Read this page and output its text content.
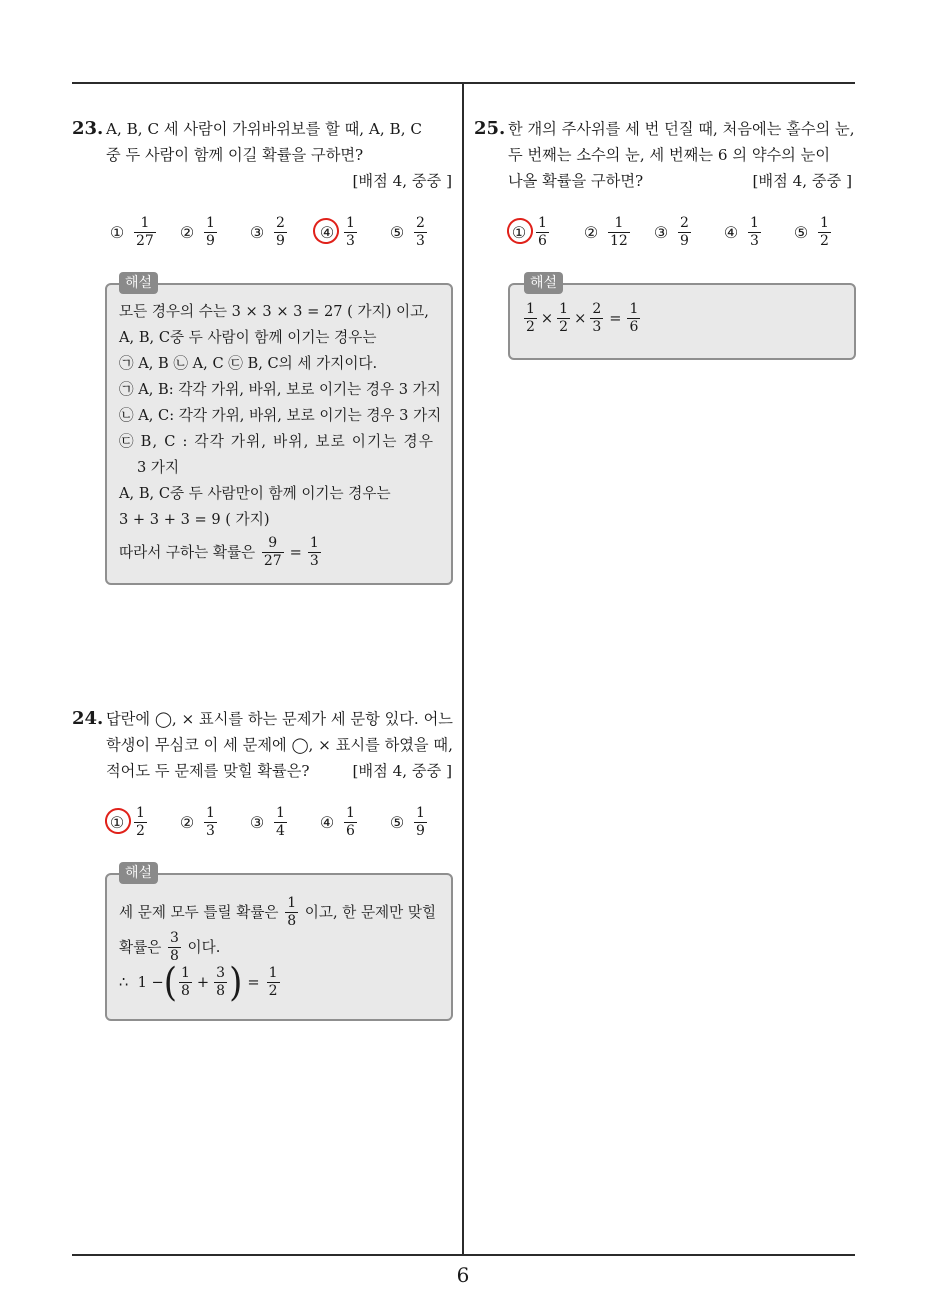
23. A, B, C 세 사람이 가위바위보를 할 때, A, B, C
중 두 사람이 함께 이길 확률을 구하면?
[배점 4, 중중 ]
① $\frac{1}{27}$ ② $\frac{1}{9}$ ③ $\frac{2}{9}$ ④ $\frac{1}{3}$ ⑤ $\frac{2}{3}$
모든 경우의 수는 3 × 3 × 3 = 27 ( 가지) 이고,
A, B, C중 두 사람이 함께 이기는 경우는
㉠ A, B ㉡ A, C ㉢ B, C의 세 가지이다.
㉠ A, B: 각각 가위, 바위, 보로 이기는 경우 3 가지
㉡ A, C: 각각 가위, 바위, 보로 이기는 경우 3 가지
㉢ B, C : 각각 가위, 바위, 보로 이기는 경우
3 가지
A, B, C중 두 사람만이 함께 이기는 경우는
3 + 3 + 3 = 9 ( 가지)
따라서 구하는 확률은
$\frac{9}{27} = \frac{1}{3}$
해설
24. 답란에 ◯, × 표시를 하는 문제가 세 문항 있다. 어느
학생이 무심코 이 세 문제에 ◯, × 표시를 하였을 때,
적어도 두 문제를 맞힐 확률은?	[배점 4, 중중 ]
① $\frac{1}{2}$ ② $\frac{1}{3}$ ③ $\frac{1}{4}$ ④ $\frac{1}{6}$ ⑤ $\frac{1}{9}$
세 문제 모두 틀릴 확률은
$\frac{1}{8}$
이고, 한 문제만 맞힐
확률은
$\frac{3}{8}$
이다.
∴
1 − ( $\frac{1}{8} + \frac{3}{8}$ ) = $\frac{1}{2}$
해설
25. 한 개의 주사위를 세 번 던질 때, 처음에는 홀수의 눈,
두 번째는 소수의 눈, 세 번째는 6 의 약수의 눈이
나올 확률을 구하면?	[배점 4, 중중 ]
① $\frac{1}{6}$ ② $\frac{1}{12}$ ③ $\frac{2}{9}$ ④ $\frac{1}{3}$ ⑤ $\frac{1}{2}$
$\frac{1}{2} \times \frac{1}{2} \times \frac{2}{3} = \frac{1}{6}$
해설
6
